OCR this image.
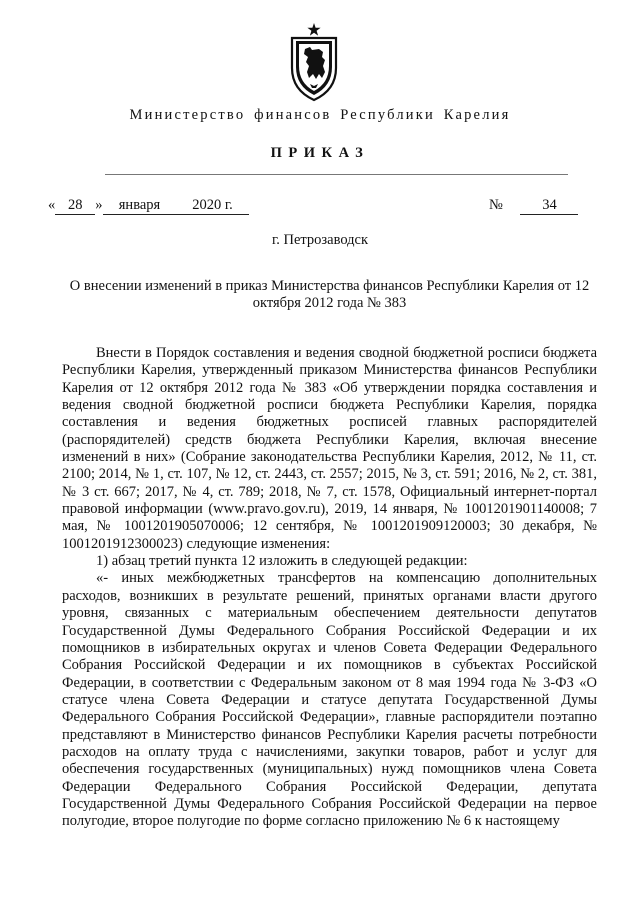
Министерство финансов Республики Карелия
ПРИКАЗ
« 28 » января 2020 г.	№	34
г. Петрозаводск
О внесении изменений в приказ Министерства финансов Республики Карелия от 12 октября 2012 года № 383

Внести в Порядок составления и ведения сводной бюджетной росписи бюджета Республики Карелия, утвержденный приказом Министерства финансов Республики Карелия от 12 октября 2012 года № 383 «Об утверждении порядка составления и ведения сводной бюджетной росписи бюджета Республики Карелия, порядка составления и ведения бюджетных росписей главных распорядителей (распорядителей) средств бюджета Республики Карелия, включая внесение изменений в них» (Собрание законодательства Республики Карелия, 2012, № 11, ст. 2100; 2014, № 1, ст. 107, № 12, ст. 2443, ст. 2557; 2015, № 3, ст. 591; 2016, № 2, ст. 381, № 3 ст. 667; 2017, № 4, ст. 789; 2018, № 7, ст. 1578, Официальный интернет-портал правовой информации (www.pravo.gov.ru), 2019, 14 января, № 1001201901140008; 7 мая, № 1001201905070006; 12 сентября, № 1001201909120003; 30 декабря, № 1001201912300023) следующие изменения:

1) абзац третий пункта 12 изложить в следующей редакции:

«- иных межбюджетных трансфертов на компенсацию дополнительных расходов, возникших в результате решений, принятых органами власти другого уровня, связанных с материальным обеспечением деятельности депутатов Государственной Думы Федерального Собрания Российской Федерации и их помощников в избирательных округах и членов Совета Федерации Федерального Собрания Российской Федерации и их помощников в субъектах Российской Федерации, в соответствии с Федеральным законом от 8 мая 1994 года № 3-ФЗ «О статусе члена Совета Федерации и статусе депутата Государственной Думы Федерального Собрания Российской Федерации», главные распорядители поэтапно представляют в Министерство финансов Республики Карелия расчеты потребности расходов на оплату труда с начислениями, закупки товаров, работ и услуг для обеспечения государственных (муниципальных) нужд помощников члена Совета Федерации Федерального Собрания Российской Федерации, депутата Государственной Думы Федерального Собрания Российской Федерации на первое полугодие, второе полугодие по форме согласно приложению № 6 к настоящему
